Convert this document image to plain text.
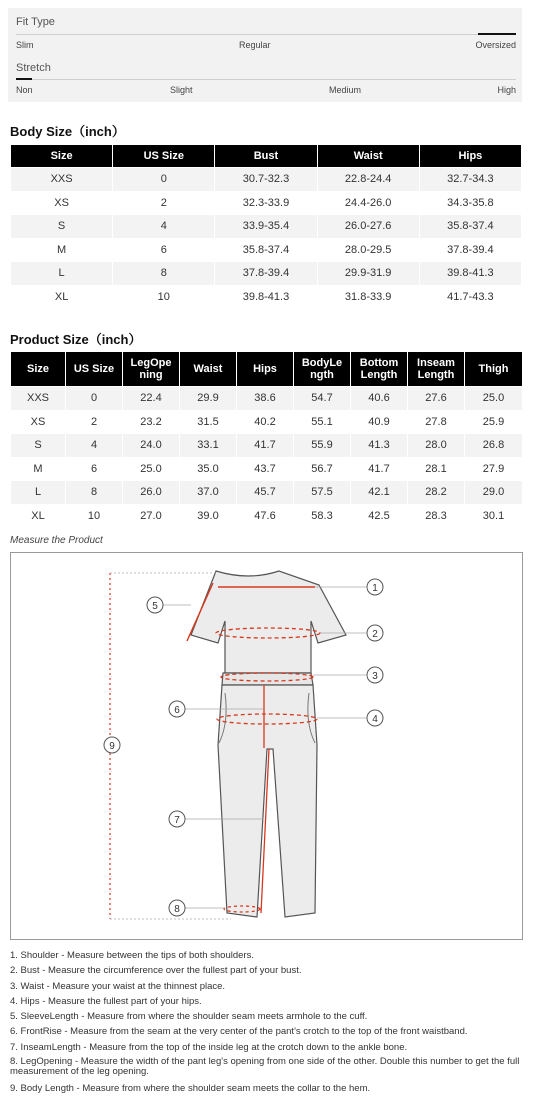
Fit Type
Slim	Regular	Oversized
Stretch
Non	Slight	Medium	High
Body Size（inch）
Size	US Size	Bust	Waist	Hips
XXS	0	30.7-32.3	22.8-24.4	32.7-34.3
XS	2	32.3-33.9	24.4-26.0	34.3-35.8
S	4	33.9-35.4	26.0-27.6	35.8-37.4
M	6	35.8-37.4	28.0-29.5	37.8-39.4
L	8	37.8-39.4	29.9-31.9	39.8-41.3
XL	10	39.8-41.3	31.8-33.9	41.7-43.3
Product Size（inch）
Size	US Size	LegOpe ning	Waist	Hips	BodyLe ngth	Bottom Length	Inseam Length	Thigh
XXS	0	22.4	29.9	38.6	54.7	40.6	27.6	25.0
XS	2	23.2	31.5	40.2	55.1	40.9	27.8	25.9
S	4	24.0	33.1	41.7	55.9	41.3	28.0	26.8
M	6	25.0	35.0	43.7	56.7	41.7	28.1	27.9
L	8	26.0	37.0	45.7	57.5	42.1	28.2	29.0
XL	10	27.0	39.0	47.6	58.3	42.5	28.3	30.1
Measure the Product
1
2
3
4
5
6
7
8
9
1. Shoulder - Measure between the tips of both shoulders.
2. Bust - Measure the circumference over the fullest part of your bust.
3. Waist - Measure your waist at the thinnest place.
4. Hips - Measure the fullest part of your hips.
5. SleeveLength - Measure from where the shoulder seam meets armhole to the cuff.
6. FrontRise - Measure from the seam at the very center of the pant's crotch to the top of the front waistband.
7. InseamLength - Measure from the top of the inside leg at the crotch down to the ankle bone.
8. LegOpening - Measure the width of the pant leg's opening from one side of the other. Double this number to get the full measurement of the leg opening.
9. Body Length - Measure from where the shoulder seam meets the collar to the hem.
